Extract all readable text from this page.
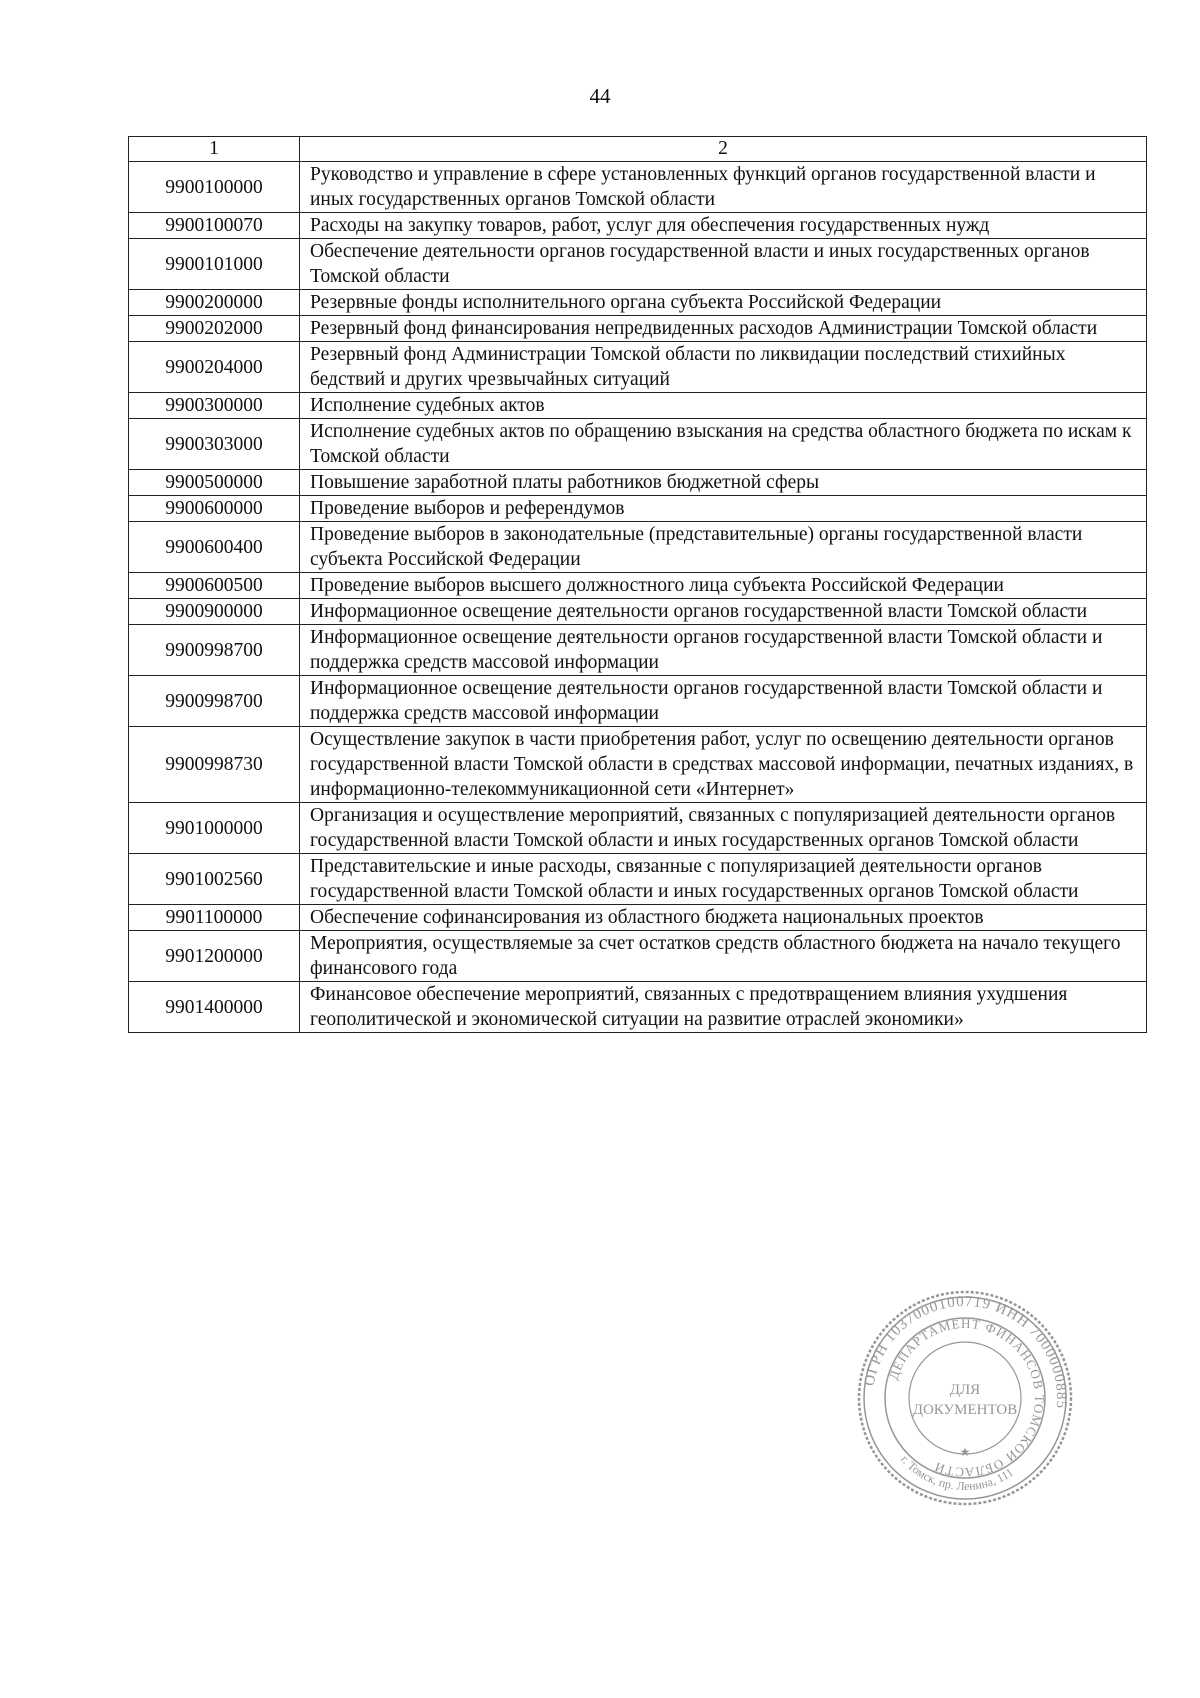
44
1	2
9900100000	Руководство и управление в сфере установленных функций органов государственной власти и иных государственных органов Томской области
9900100070	Расходы на закупку товаров, работ, услуг для обеспечения государственных нужд
9900101000	Обеспечение деятельности органов государственной власти и иных государственных органов Томской области
9900200000	Резервные фонды исполнительного органа субъекта Российской Федерации
9900202000	Резервный фонд финансирования непредвиденных расходов Администрации Томской области
9900204000	Резервный фонд Администрации Томской области по ликвидации последствий стихийных бедствий и других чрезвычайных ситуаций
9900300000	Исполнение судебных актов
9900303000	Исполнение судебных актов по обращению взыскания на средства областного бюджета по искам к Томской области
9900500000	Повышение заработной платы работников бюджетной сферы
9900600000	Проведение выборов и референдумов
9900600400	Проведение выборов в законодательные (представительные) органы государственной власти субъекта Российской Федерации
9900600500	Проведение выборов высшего должностного лица субъекта Российской Федерации
9900900000	Информационное освещение деятельности органов государственной власти Томской области
9900998700	Информационное освещение деятельности органов государственной власти Томской области и поддержка средств массовой информации
9900998700	Информационное освещение деятельности органов государственной власти Томской области и поддержка средств массовой информации
9900998730	Осуществление закупок в части приобретения работ, услуг по освещению деятельности органов государственной власти Томской области в средствах массовой информации, печатных изданиях, в информационно-телекоммуникационной сети «Интернет»
9901000000	Организация и осуществление мероприятий, связанных с популяризацией деятельности органов государственной власти Томской области и иных государственных органов Томской области
9901002560	Представительские и иные расходы, связанные с популяризацией деятельности органов государственной власти Томской области и иных государственных органов Томской области
9901100000	Обеспечение софинансирования из областного бюджета национальных проектов
9901200000	Мероприятия, осуществляемые за счет остатков средств областного бюджета на начало текущего финансового года
9901400000	Финансовое обеспечение мероприятий, связанных с предотвращением влияния ухудшения геополитической и экономической ситуации на развитие отраслей экономики»
ОГРН 1037000100719 ИНН 7000000885
ДЕПАРТАМЕНТ ФИНАНСОВ ТОМСКОЙ ОБЛАСТИ
г. Томск, пр. Ленина, 111
ДЛЯ
ДОКУМЕНТОВ
★
